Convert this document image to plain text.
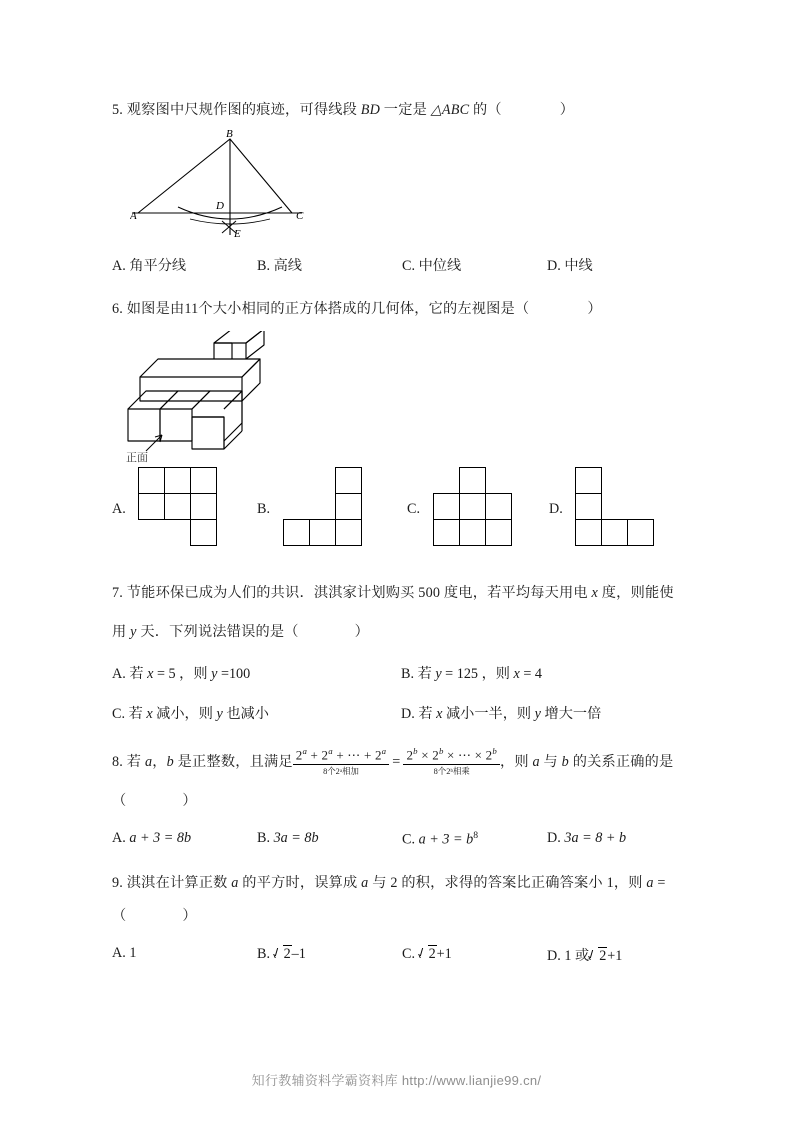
5. 观察图中尺规作图的痕迹，可得线段 BD 一定是 △ABC 的（	）
A
B
C
D
E
A. 角平分线	B. 高线	C. 中位线	D. 中线
6. 如图是由11个大小相同的正方体搭成的几何体，它的左视图是（	）
正面
A.	B.	C.	D.
7. 节能环保已成为人们的共识．淇淇家计划购买 500 度电，若平均每天用电 x 度，则能使
用 y 天．下列说法错误的是（	）
A. 若 x = 5 ，则 y =100	B. 若 y = 125 ，则 x = 4
C. 若 x 减小，则 y 也减小	D. 若 x 减小一半，则 y 增大一倍
8. 若 a，b 是正整数，且满足 $\frac{2^a + 2^a + \cdots + 2^a}{\text{8个2ᵃ相加}} = \frac{2^b \times 2^b \times \cdots \times 2^b}{\text{8个2ᵇ相乘}}$ ，则 a 与 b 的关系正确的是
（	）
A. a + 3 = 8b	B. 3a = 8b	C. $a + 3 = b^8$	D. 3a = 8 + b
9. 淇淇在计算正数 a 的平方时，误算成 a 与 2 的积，求得的答案比正确答案小 1，则 a =
（	）
A. 1	B. 2–1	C. 2+1	D. 1 或 2+1
知行教辅资料学霸资料库 http://www.lianjie99.cn/
